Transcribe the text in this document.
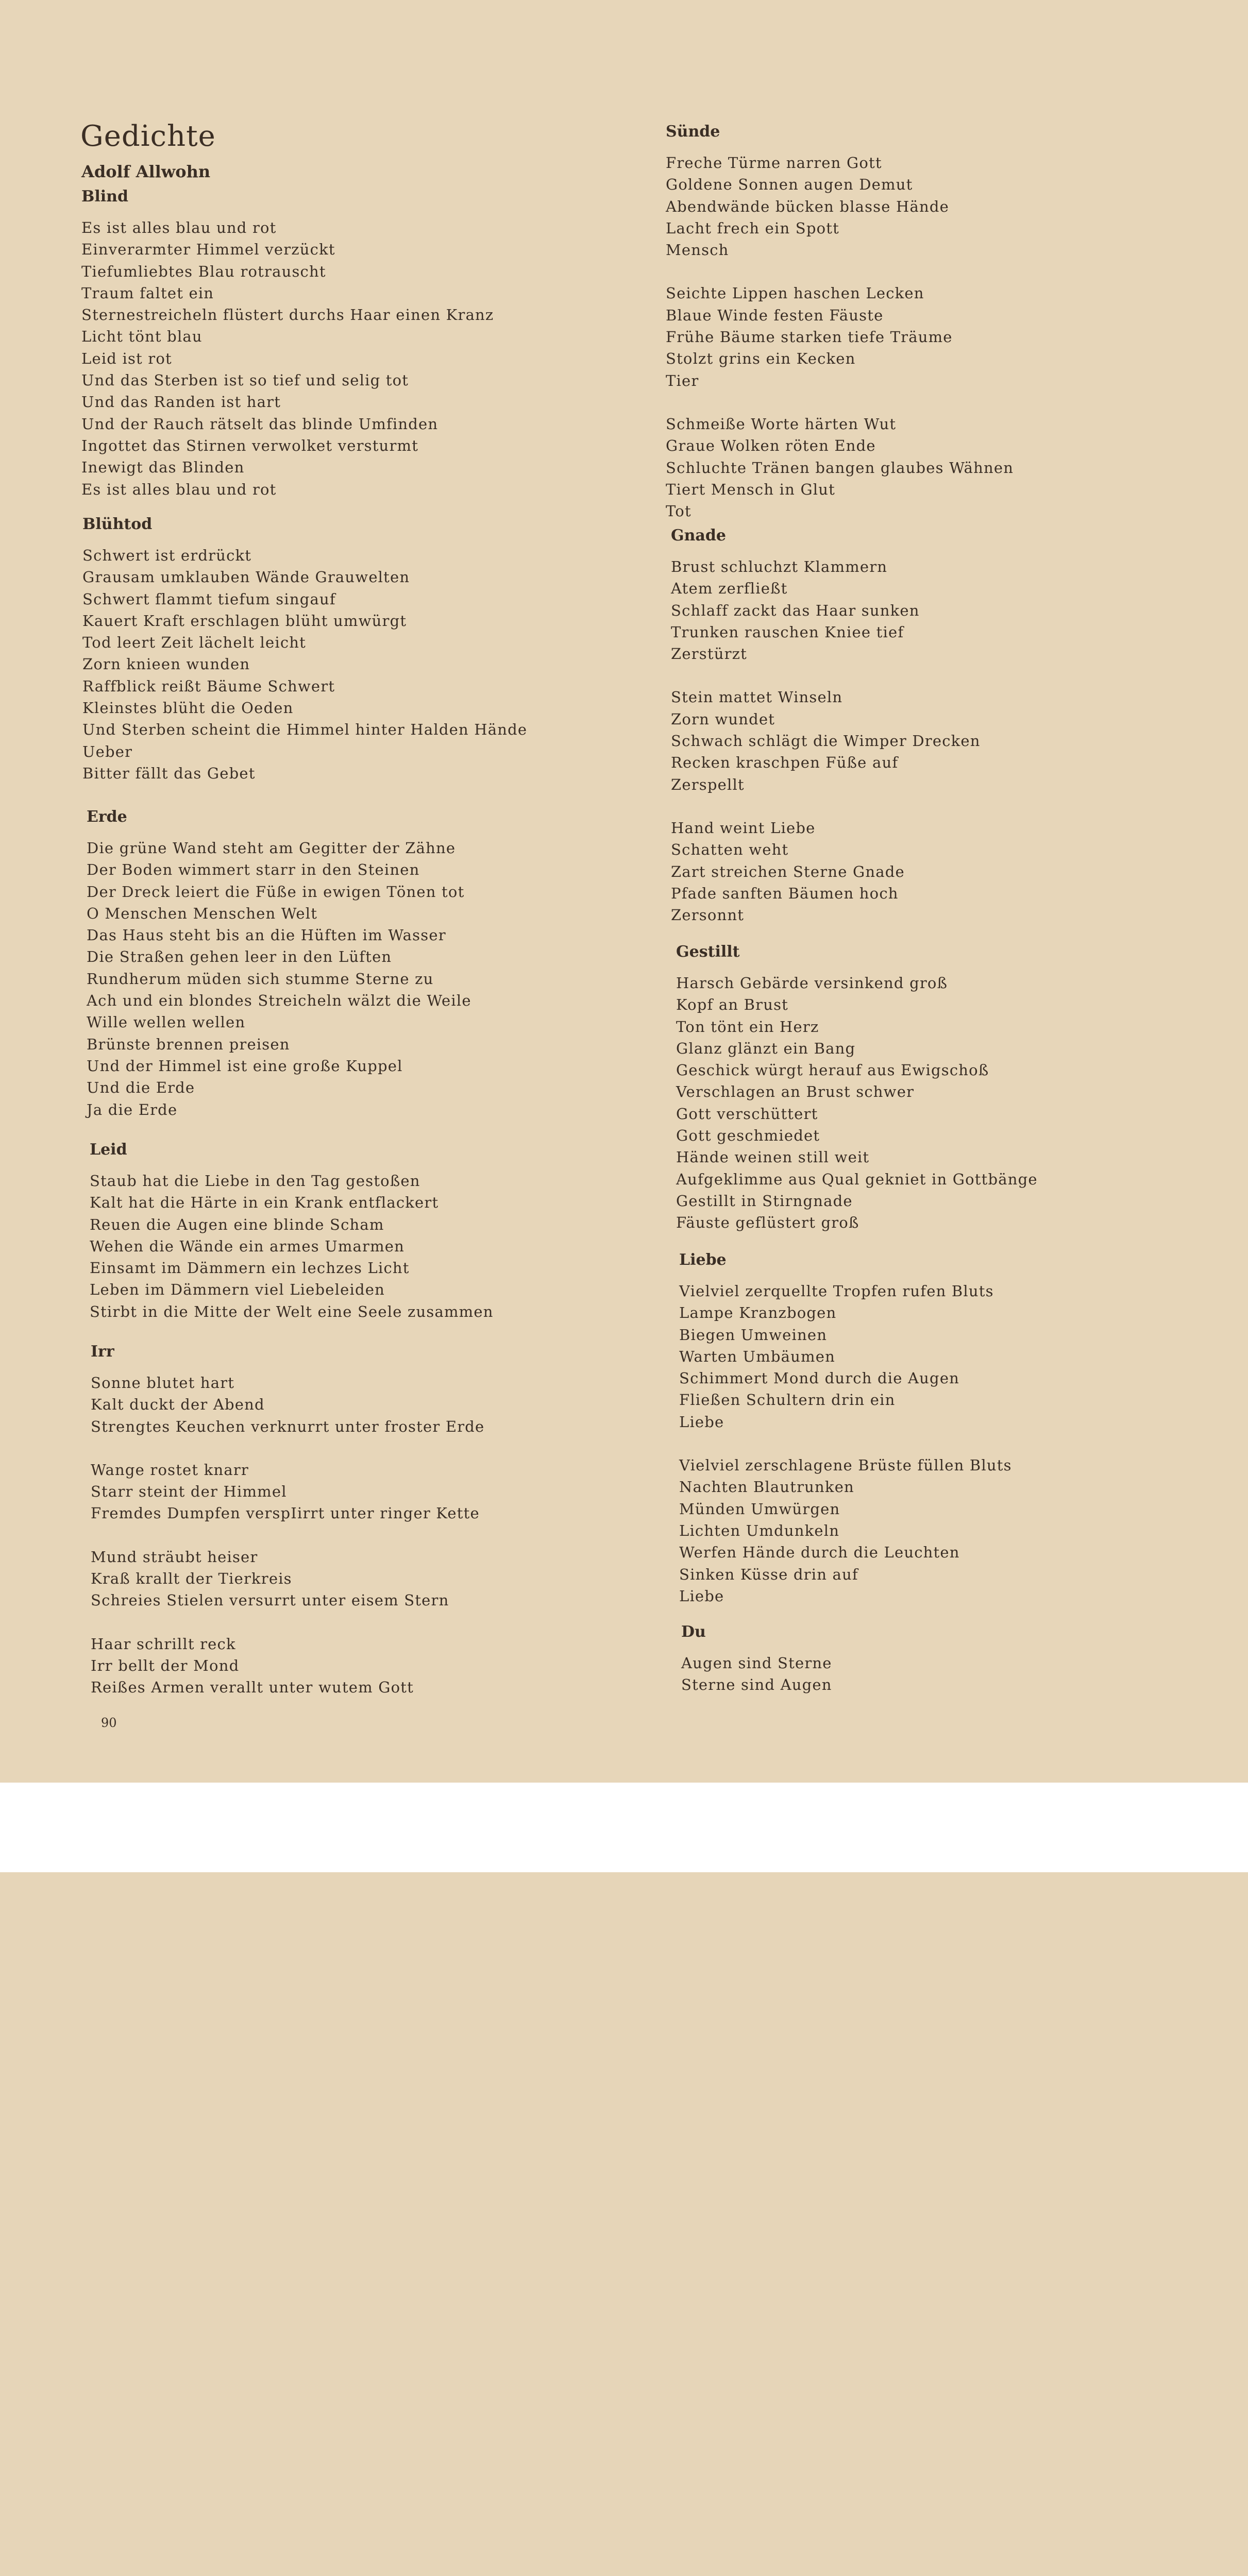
Gedichte
Adolf Allwohn
Blind
Es ist alles blau und rot
Einverarmter Himmel verzückt
Tiefumliebtes Blau rotrauscht
Traum faltet ein
Sternestreicheln flüstert durchs Haar einen Kranz
Licht tönt blau
Leid ist rot
Und das Sterben ist so tief und selig tot
Und das Randen ist hart
Und der Rauch rätselt das blinde Umfinden
Ingottet das Stirnen verwolket versturmt
Inewigt das Blinden
Es ist alles blau und rot
Blühtod
Schwert ist erdrückt
Grausam umklauben Wände Grauwelten
Schwert flammt tiefum singauf
Kauert Kraft erschlagen blüht umwürgt
Tod leert Zeit lächelt leicht
Zorn knieen wunden
Raffblick reißt Bäume Schwert
Kleinstes blüht die Oeden
Und Sterben scheint die Himmel hinter Halden Hände
Ueber
Bitter fällt das Gebet
Erde
Die grüne Wand steht am Gegitter der Zähne
Der Boden wimmert starr in den Steinen
Der Dreck leiert die Füße in ewigen Tönen tot
O Menschen Menschen Welt
Das Haus steht bis an die Hüften im Wasser
Die Straßen gehen leer in den Lüften
Rundherum müden sich stumme Sterne zu
Ach und ein blondes Streicheln wälzt die Weile
Wille wellen wellen
Brünste brennen preisen
Und der Himmel ist eine große Kuppel
Und die Erde
Ja die Erde
Leid
Staub hat die Liebe in den Tag gestoßen
Kalt hat die Härte in ein Krank entflackert
Reuen die Augen eine blinde Scham
Wehen die Wände ein armes Umarmen
Einsamt im Dämmern ein lechzes Licht
Leben im Dämmern viel Liebeleiden
Stirbt in die Mitte der Welt eine Seele zusammen
Irr
Sonne blutet hart
Kalt duckt der Abend
Strengtes Keuchen verknurrt unter froster Erde
Wange rostet knarr
Starr steint der Himmel
Fremdes Dumpfen verspIirrt unter ringer Kette
Mund sträubt heiser
Kraß krallt der Tierkreis
Schreies Stielen versurrt unter eisem Stern
Haar schrillt reck
Irr bellt der Mond
Reißes Armen verallt unter wutem Gott
Sünde
Freche Türme narren Gott
Goldene Sonnen augen Demut
Abendwände bücken blasse Hände
Lacht frech ein Spott
Mensch
Seichte Lippen haschen Lecken
Blaue Winde festen Fäuste
Frühe Bäume starken tiefe Träume
Stolzt grins ein Kecken
Tier
Schmeiße Worte härten Wut
Graue Wolken röten Ende
Schluchte Tränen bangen glaubes Wähnen
Tiert Mensch in Glut
Tot
Gnade
Brust schluchzt Klammern
Atem zerfließt
Schlaff zackt das Haar sunken
Trunken rauschen Kniee tief
Zerstürzt
Stein mattet Winseln
Zorn wundet
Schwach schlägt die Wimper Drecken
Recken kraschpen Füße auf
Zerspellt
Hand weint Liebe
Schatten weht
Zart streichen Sterne Gnade
Pfade sanften Bäumen hoch
Zersonnt
Gestillt
Harsch Gebärde versinkend groß
Kopf an Brust
Ton tönt ein Herz
Glanz glänzt ein Bang
Geschick würgt herauf aus Ewigschoß
Verschlagen an Brust schwer
Gott verschüttert
Gott geschmiedet
Hände weinen still weit
Aufgeklimme aus Qual gekniet in Gottbänge
Gestillt in Stirngnade
Fäuste geflüstert groß
Liebe
Vielviel zerquellte Tropfen rufen Bluts
Lampe Kranzbogen
Biegen Umweinen
Warten Umbäumen
Schimmert Mond durch die Augen
Fließen Schultern drin ein
Liebe
Vielviel zerschlagene Brüste füllen Bluts
Nachten Blautrunken
Münden Umwürgen
Lichten Umdunkeln
Werfen Hände durch die Leuchten
Sinken Küsse drin auf
Liebe
Du
Augen sind Sterne
Sterne sind Augen
90
